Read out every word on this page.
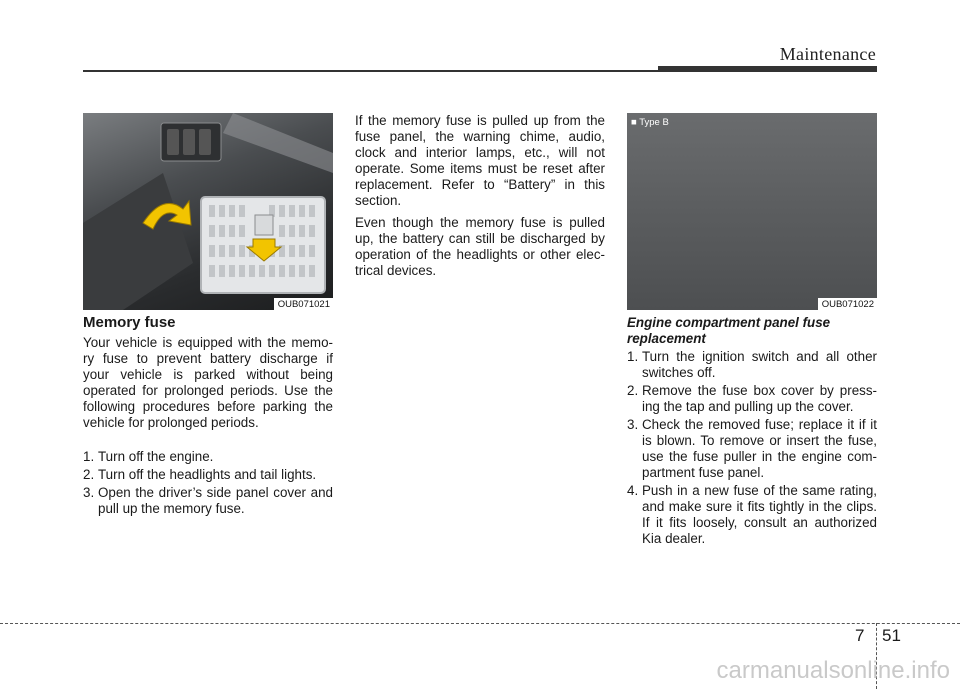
Maintenance
OUB071021
■ Type B
OUB071022
Memory fuse

Your vehicle is equipped with the memo-ry fuse to prevent battery discharge if your vehicle is parked without being operated for prolonged periods. Use the following procedures before parking the vehicle for prolonged periods.

1. Turn off the engine.
2. Turn off the headlights and tail lights.
3. Open the driver’s side panel cover and pull up the memory fuse.

If the memory fuse is pulled up from the fuse panel, the warning chime, audio, clock and interior lamps, etc., will not operate. Some items must be reset after replacement. Refer to “Battery” in this section.

Even though the memory fuse is pulled up, the battery can still be discharged by operation of the headlights or other elec-trical devices.

Engine compartment panel fuse replacement
1. Turn the ignition switch and all other switches off.
2. Remove the fuse box cover by press-ing the tap and pulling up the cover.
3. Check the removed fuse; replace it if it is blown. To remove or insert the fuse, use the fuse puller in the engine com-partment fuse panel.
4. Push in a new fuse of the same rating, and make sure it fits tightly in the clips. If it fits loosely, consult an authorized Kia dealer.
7 51
carmanualsonline.info
